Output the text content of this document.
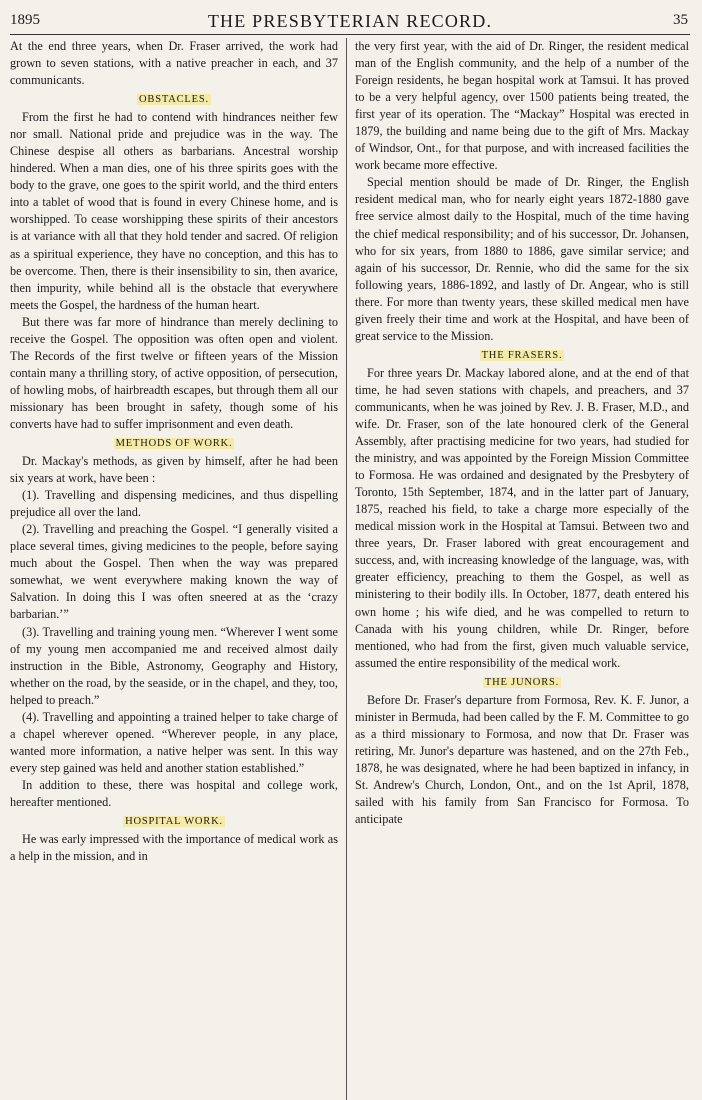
1895	THE PRESBYTERIAN RECORD.	35

At the end three years, when Dr. Fraser arrived, the work had grown to seven stations, with a native preacher in each, and 37 communicants.

OBSTACLES.

From the first he had to contend with hindrances neither few nor small. National pride and prejudice was in the way. The Chinese despise all others as barbarians. Ancestral worship hindered. When a man dies, one of his three spirits goes with the body to the grave, one goes to the spirit world, and the third enters into a tablet of wood that is found in every Chinese home, and is worshipped. To cease worshipping these spirits of their ancestors is at variance with all that they hold tender and sacred. Of religion as a spiritual experience, they have no conception, and this has to be overcome. Then, there is their insensibility to sin, then avarice, then impurity, while behind all is the obstacle that everywhere meets the Gospel, the hardness of the human heart.

But there was far more of hindrance than merely declining to receive the Gospel. The opposition was often open and violent. The Records of the first twelve or fifteen years of the Mission contain many a thrilling story, of active opposition, of persecution, of howling mobs, of hairbreadth escapes, but through them all our missionary has been brought in safety, though some of his converts have had to suffer imprisonment and even death.

METHODS OF WORK.

Dr. Mackay's methods, as given by himself, after he had been six years at work, have been :

(1). Travelling and dispensing medicines, and thus dispelling prejudice all over the land.

(2). Travelling and preaching the Gospel. “I generally visited a place several times, giving medicines to the people, before saying much about the Gospel. Then when the way was prepared somewhat, we went everywhere making known the way of Salvation. In doing this I was often sneered at as the ‘crazy barbarian.’”

(3). Travelling and training young men. “Wherever I went some of my young men accompanied me and received almost daily instruction in the Bible, Astronomy, Geography and History, whether on the road, by the seaside, or in the chapel, and they, too, helped to preach.”

(4). Travelling and appointing a trained helper to take charge of a chapel wherever opened. “Wherever people, in any place, wanted more information, a native helper was sent. In this way every step gained was held and another station established.”

In addition to these, there was hospital and college work, hereafter mentioned.

HOSPITAL WORK.

He was early impressed with the importance of medical work as a help in the mission, and in

the very first year, with the aid of Dr. Ringer, the resident medical man of the English community, and the help of a number of the Foreign residents, he began hospital work at Tamsui. It has proved to be a very helpful agency, over 1500 patients being treated, the first year of its operation. The “Mackay” Hospital was erected in 1879, the building and name being due to the gift of Mrs. Mackay of Windsor, Ont., for that purpose, and with increased facilities the work became more effective.

Special mention should be made of Dr. Ringer, the English resident medical man, who for nearly eight years 1872-1880 gave free service almost daily to the Hospital, much of the time having the chief medical responsibility; and of his successor, Dr. Johansen, who for six years, from 1880 to 1886, gave similar service; and again of his successor, Dr. Rennie, who did the same for the six following years, 1886-1892, and lastly of Dr. Angear, who is still there. For more than twenty years, these skilled medical men have given freely their time and work at the Hospital, and have been of great service to the Mission.

THE FRASERS.

For three years Dr. Mackay labored alone, and at the end of that time, he had seven stations with chapels, and preachers, and 37 communicants, when he was joined by Rev. J. B. Fraser, M.D., and wife. Dr. Fraser, son of the late honoured clerk of the General Assembly, after practising medicine for two years, had studied for the ministry, and was appointed by the Foreign Mission Committee to Formosa. He was ordained and designated by the Presbytery of Toronto, 15th September, 1874, and in the latter part of January, 1875, reached his field, to take a charge more especially of the medical mission work in the Hospital at Tamsui. Between two and three years, Dr. Fraser labored with great encouragement and success, and, with increasing knowledge of the language, was, with greater efficiency, preaching to them the Gospel, as well as ministering to their bodily ills. In October, 1877, death entered his own home ; his wife died, and he was compelled to return to Canada with his young children, while Dr. Ringer, before mentioned, who had from the first, given much valuable service, assumed the entire responsibility of the medical work.

THE JUNORS.

Before Dr. Fraser's departure from Formosa, Rev. K. F. Junor, a minister in Bermuda, had been called by the F. M. Committee to go as a third missionary to Formosa, and now that Dr. Fraser was retiring, Mr. Junor's departure was hastened, and on the 27th Feb., 1878, he was designated, where he had been baptized in infancy, in St. Andrew's Church, London, Ont., and on the 1st April, 1878, sailed with his family from San Francisco for Formosa. To anticipate
